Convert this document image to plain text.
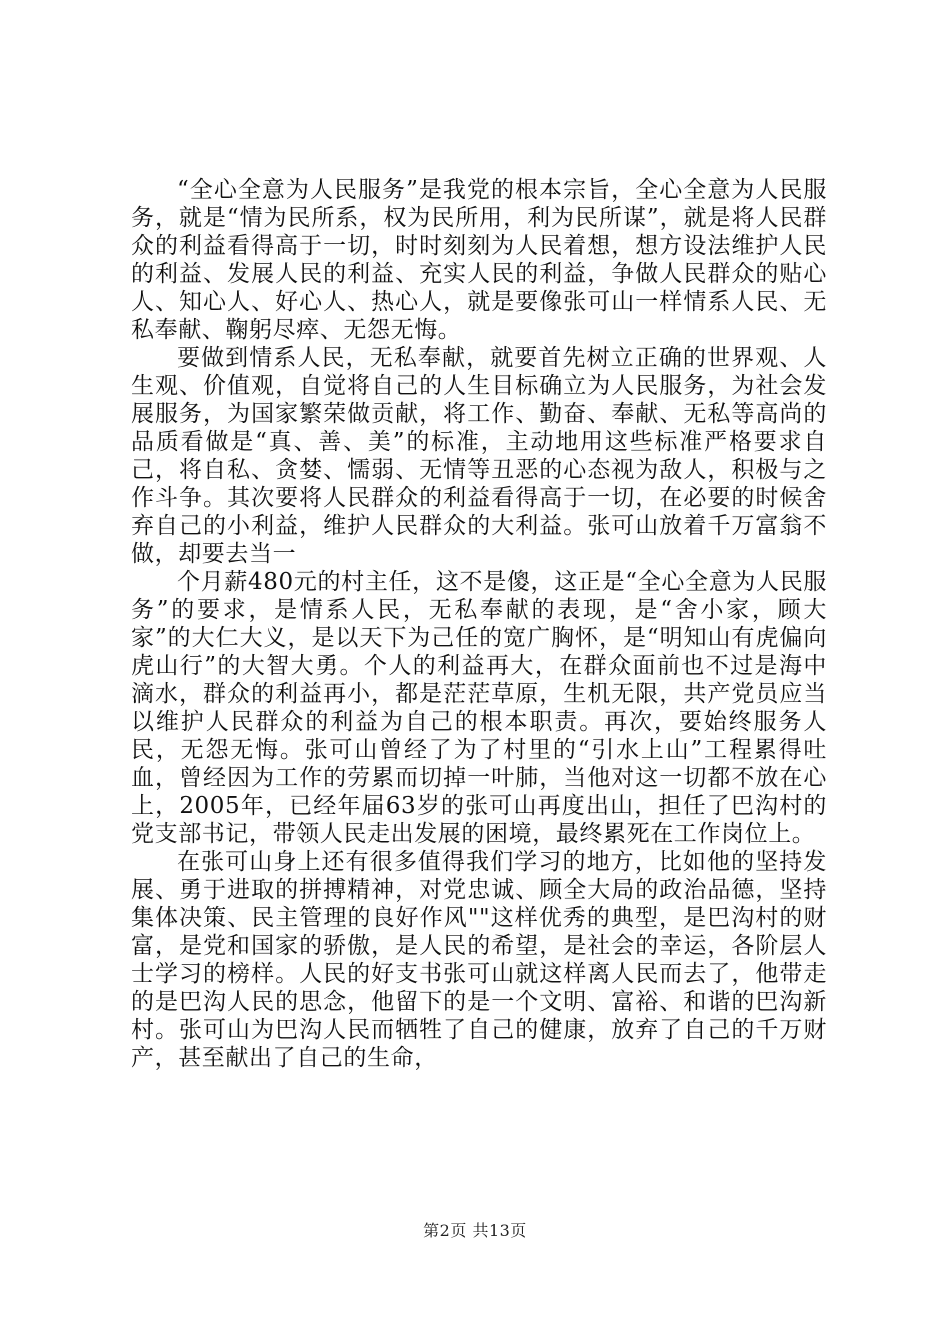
“全心全意为人民服务”是我党的根本宗旨，全心全意为人民服务，就是“情为民所系，权为民所用，利为民所谋”，就是将人民群众的利益看得高于一切，时时刻刻为人民着想，想方设法维护人民的利益、发展人民的利益、充实人民的利益，争做人民群众的贴心人、知心人、好心人、热心人，就是要像张可山一样情系人民、无私奉献、鞠躬尽瘁、无怨无悔。

要做到情系人民，无私奉献，就要首先树立正确的世界观、人生观、价值观，自觉将自己的人生目标确立为人民服务，为社会发展服务，为国家繁荣做贡献，将工作、勤奋、奉献、无私等高尚的品质看做是“真、善、美”的标准，主动地用这些标准严格要求自己，将自私、贪婪、懦弱、无情等丑恶的心态视为敌人，积极与之作斗争。其次要将人民群众的利益看得高于一切，在必要的时候舍弃自己的小利益，维护人民群众的大利益。张可山放着千万富翁不做，却要去当一

个月薪480元的村主任，这不是傻，这正是“全心全意为人民服务”的要求，是情系人民，无私奉献的表现，是“舍小家，顾大家”的大仁大义，是以天下为己任的宽广胸怀，是“明知山有虎偏向虎山行”的大智大勇。个人的利益再大，在群众面前也不过是海中滴水，群众的利益再小，都是茫茫草原，生机无限，共产党员应当以维护人民群众的利益为自己的根本职责。再次，要始终服务人民，无怨无悔。张可山曾经了为了村里的“引水上山”工程累得吐血，曾经因为工作的劳累而切掉一叶肺，当他对这一切都不放在心上，2005年，已经年届63岁的张可山再度出山，担任了巴沟村的党支部书记，带领人民走出发展的困境，最终累死在工作岗位上。

在张可山身上还有很多值得我们学习的地方，比如他的坚持发展、勇于进取的拼搏精神，对党忠诚、顾全大局的政治品德，坚持集体决策、民主管理的良好作风""这样优秀的典型，是巴沟村的财富，是党和国家的骄傲，是人民的希望，是社会的幸运，各阶层人士学习的榜样。人民的好支书张可山就这样离人民而去了，他带走的是巴沟人民的思念，他留下的是一个文明、富裕、和谐的巴沟新村。张可山为巴沟人民而牺牲了自己的健康，放弃了自己的千万财产，甚至献出了自己的生命，

第2页 共13页
